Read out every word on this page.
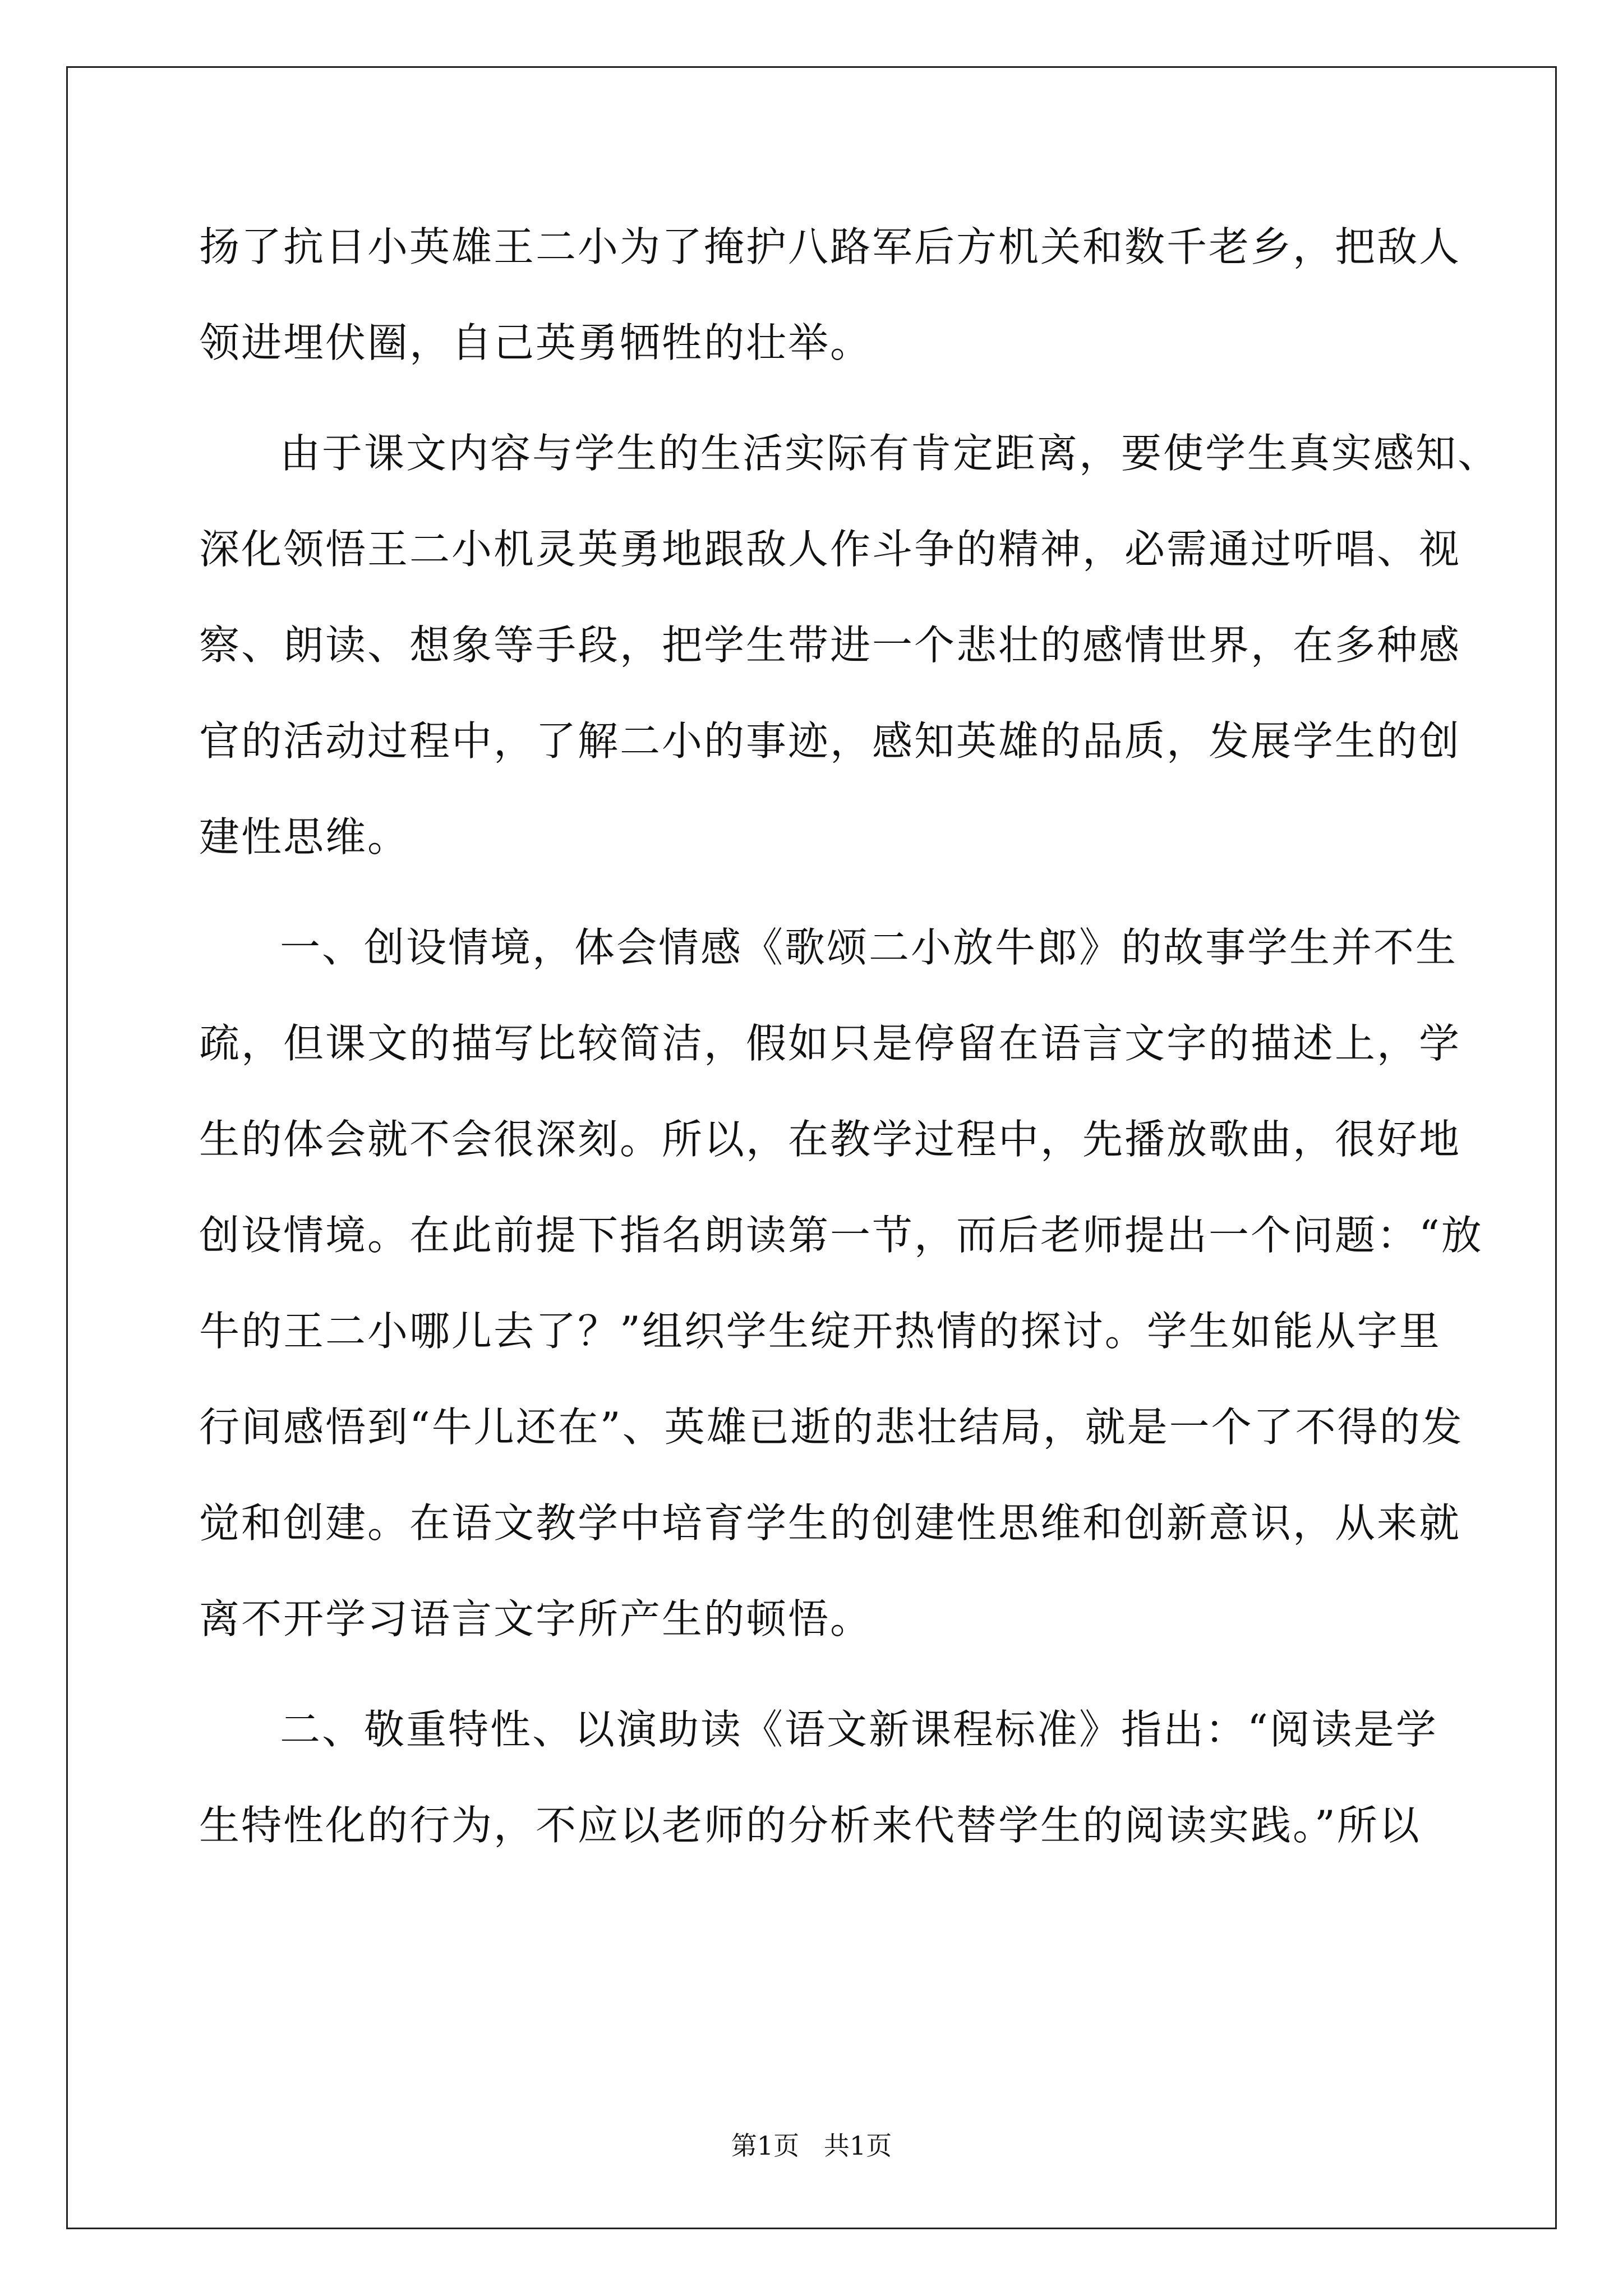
扬了抗日小英雄王二小为了掩护八路军后方机关和数千老乡，把敌人
领进埋伏圈，自己英勇牺牲的壮举。
由于课文内容与学生的生活实际有肯定距离，要使学生真实感知、
深化领悟王二小机灵英勇地跟敌人作斗争的精神，必需通过听唱、视
察、朗读、想象等手段，把学生带进一个悲壮的感情世界，在多种感
官的活动过程中，了解二小的事迹，感知英雄的品质，发展学生的创
建性思维。
一、创设情境，体会情感《歌颂二小放牛郎》的故事学生并不生
疏，但课文的描写比较简洁，假如只是停留在语言文字的描述上，学
生的体会就不会很深刻。所以，在教学过程中，先播放歌曲，很好地
创设情境。在此前提下指名朗读第一节，而后老师提出一个问题：“放
牛的王二小哪儿去了？”组织学生绽开热情的探讨。学生如能从字里
行间感悟到“牛儿还在”、英雄已逝的悲壮结局，就是一个了不得的发
觉和创建。在语文教学中培育学生的创建性思维和创新意识，从来就
离不开学习语言文字所产生的顿悟。
二、敬重特性、以演助读《语文新课程标准》指出：“阅读是学
生特性化的行为，不应以老师的分析来代替学生的阅读实践。”所以
第1页   共1页
